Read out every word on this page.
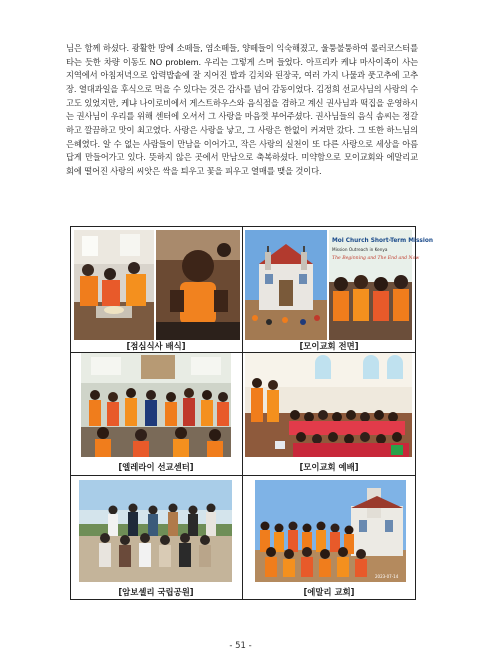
님은 함께 하셨다. 광활한 땅에 소떼들, 염소떼들, 양떼들이 익숙해졌고, 울퉁불퉁하여 롤러코스터를 타는 듯한 차량 이동도 NO problem. 우리는 그렇게 스며 들었다. 아프리카 케냐 마사이족이 사는 지역에서 아침저녁으로 압력밥솥에 잘 지어진 밥과 김치와 된장국, 여러 가지 나물과 풋고추에 고추장. 열대과일을 후식으로 먹을 수 있다는 것은 감사를 넘어 감동이었다. 김정희 선교사님의 사랑의 수고도 있었지만, 케냐 나이로비에서 게스트하우스와 음식점을 겸하고 계신 권사님과 떡집을 운영하시는 권사님이 우리를 위해 센터에 오셔서 그 사랑을 마음껏 부어주셨다. 권사님들의 음식 솜씨는 정갈하고 깔끔하고 맛이 최고였다. 사랑은 사랑을 낳고, 그 사랑은 한없이 커져만 갔다. 그 또한 하느님의 은혜였다. 알 수 없는 사람들이 만남을 이어가고, 작은 사랑의 실천이 또 다른 사랑으로 세상을 아름답게 만들어가고 있다. 뜻하지 않은 곳에서 만남으로 축복하셨다. 미약함으로 모이교회와 에말리교회에 떨어진 사랑의 씨앗은 싹을 틔우고 꽃을 피우고 열매를 맺을 것이다.

[점심식사 배식]
Moi Church Short-Term Mission
Mission Outreach in Kenya
The Beginning and The End and Now
[모이교회 전면]
[엘레라이 선교센터]	[모이교회 예배]
[암보셀리 국립공원]
2023-07-14
[에말리 교회]
- 51 -
